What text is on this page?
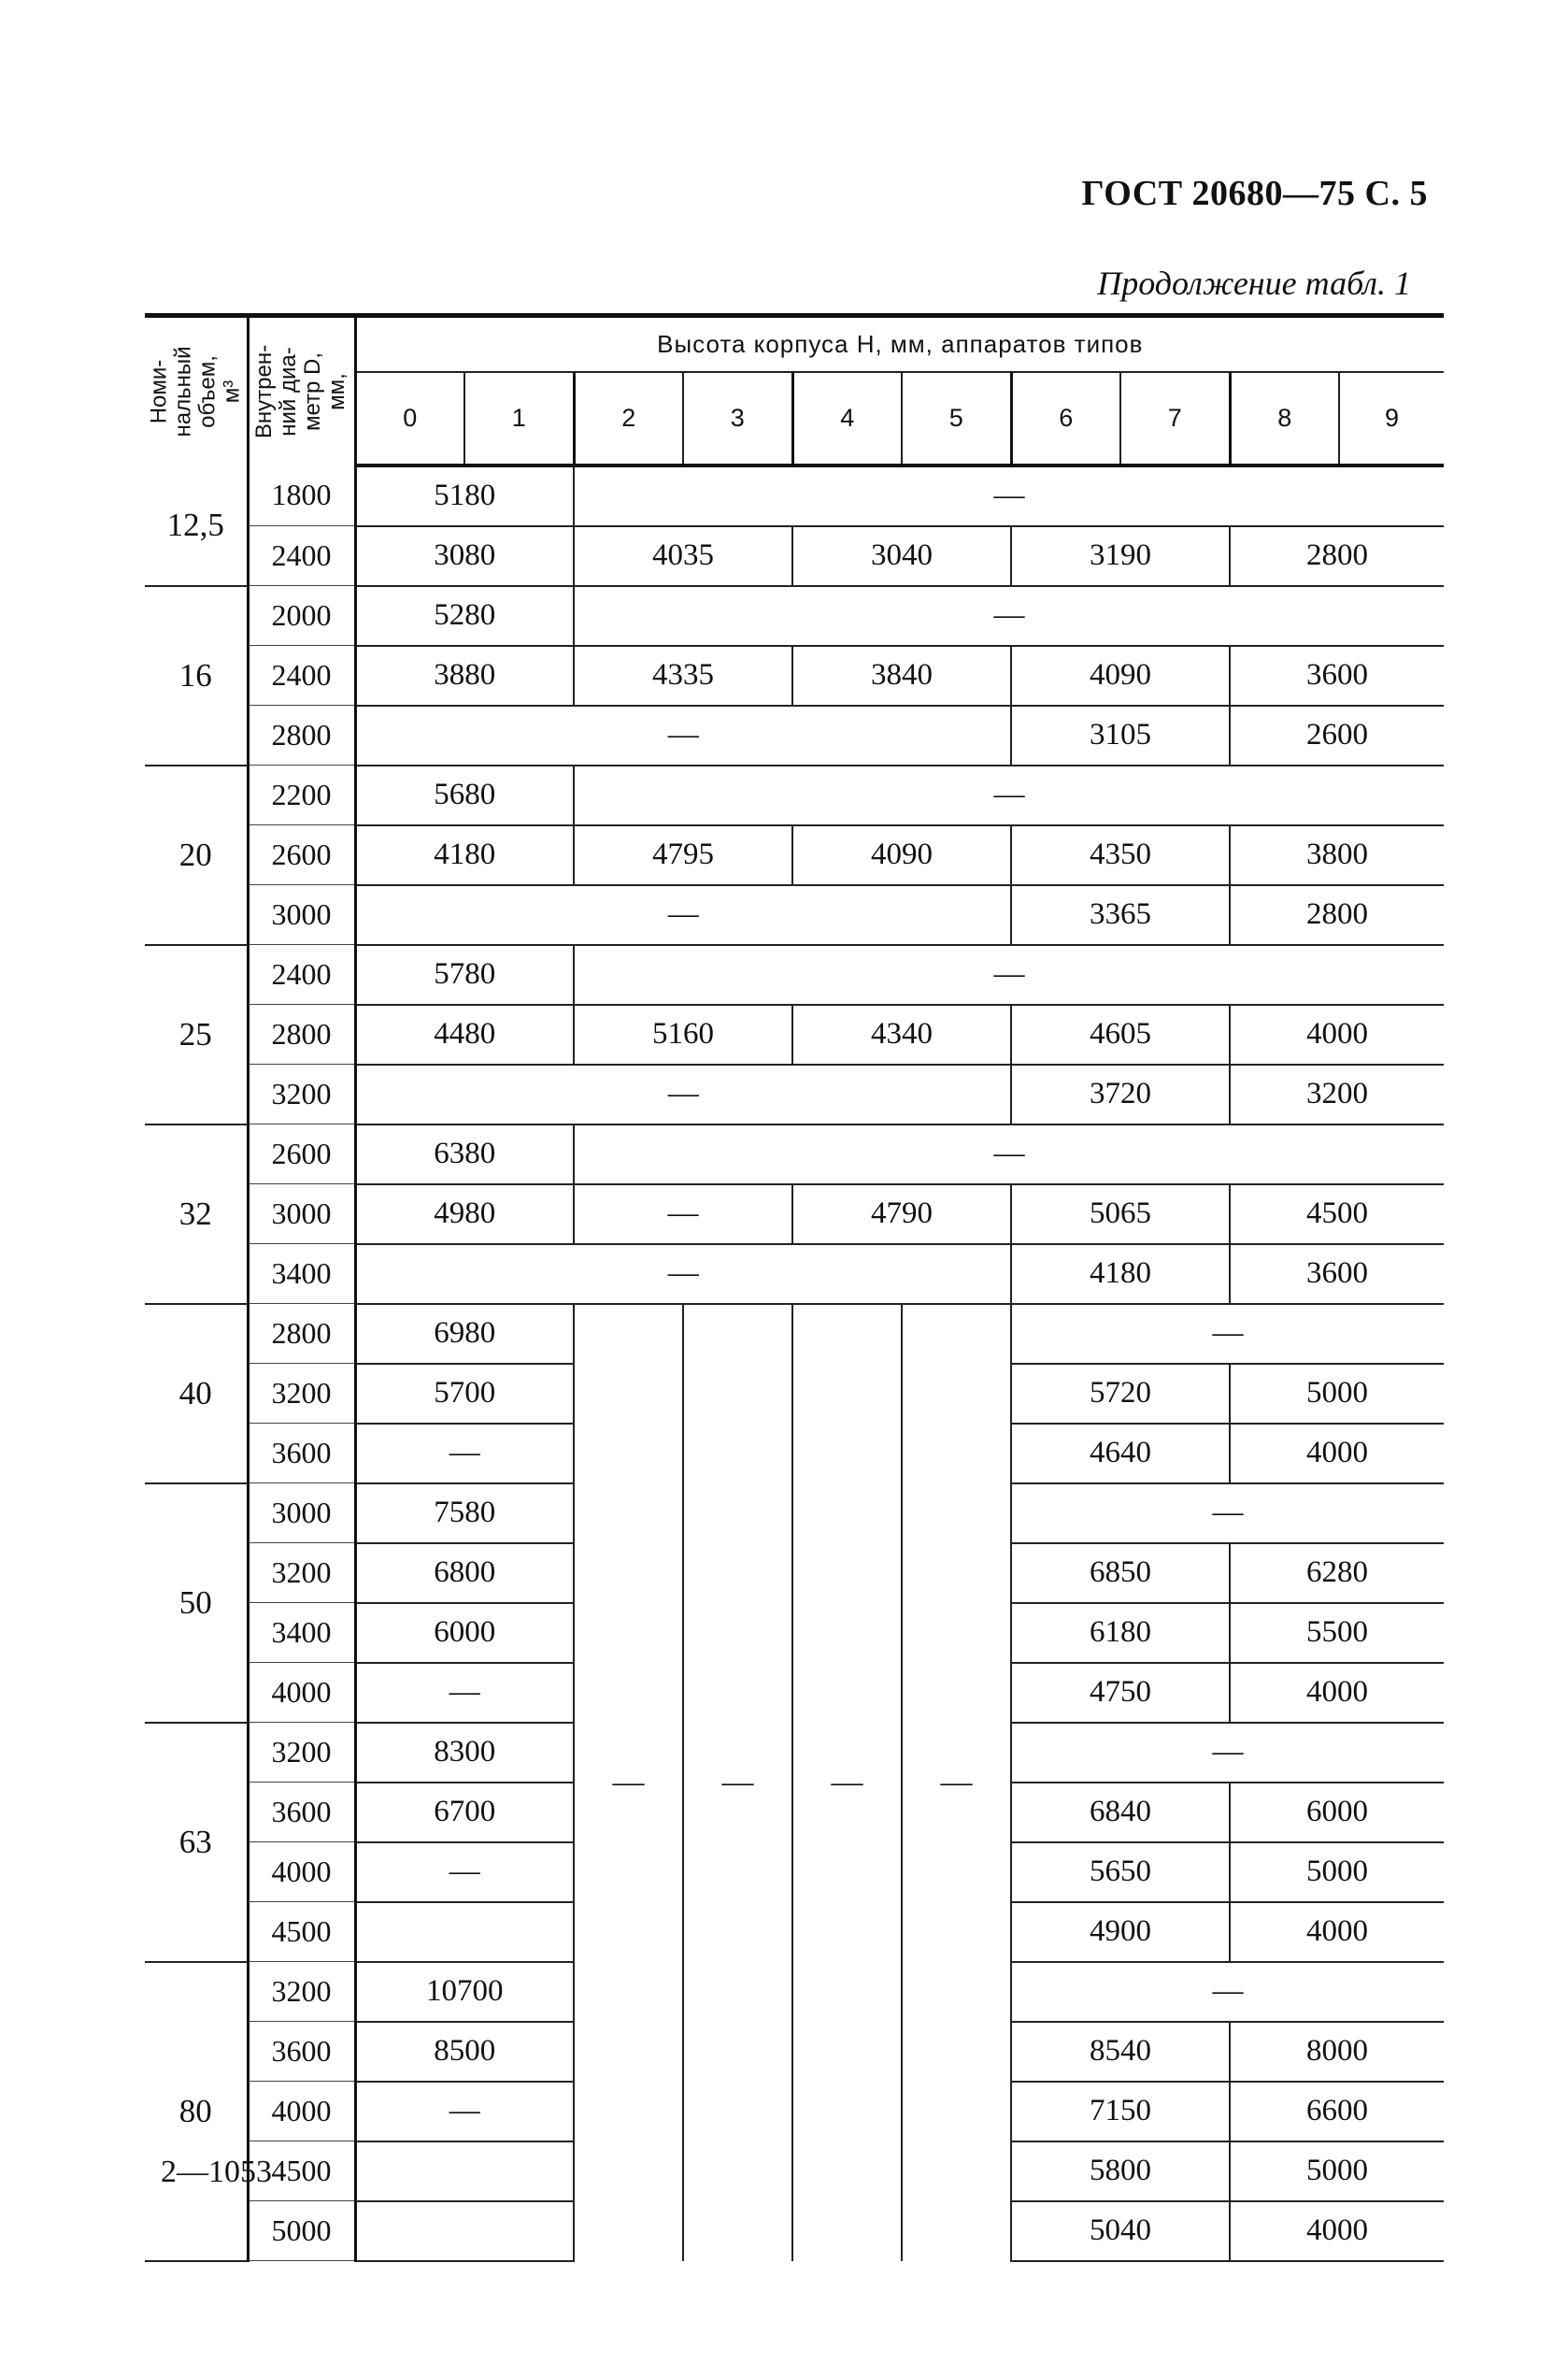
ГОСТ 20680—75 С. 5
Продолжение табл. 1
Номи-
нальный
объем, м³	Внутрен-
ний диа-
метр D,
мм,	Высота корпуса H, мм, аппаратов типов									
		0	1	2	3	4	5	6	7	8	9
12,5	1800	5180		—							
	2400	3080		4035		3040		3190		2800	
16	2000	5280		—							
	2400	3880		4335		3840		4090		3600	
	2800	—						3105		2600	
20	2200	5680		—							
	2600	4180		4795		4090		4350		3800	
	3000	—						3365		2800	
25	2400	5780		—							
	2800	4480		5160		4340		4605		4000	
	3200	—						3720		3200	
32	2600	6380		—							
	3000	4980		—		4790		5065		4500	
	3400	—						4180		3600	
40	2800	6980		—	—	—	—	—			
	3200	5700						5720		5000	
	3600	—						4640		4000	
50	3000	7580						—			
	3200	6800						6850		6280	
	3400	6000						6180		5500	
	4000	—						4750		4000	
63	3200	8300						—			
	3600	6700						6840		6000	
	4000	—						5650		5000	
	4500							4900		4000	
80	3200	10700						—			
	3600	8500						8540		8000	
	4000	—						7150		6600	
	4500							5800		5000	
	5000							5040		4000	
2—1053
